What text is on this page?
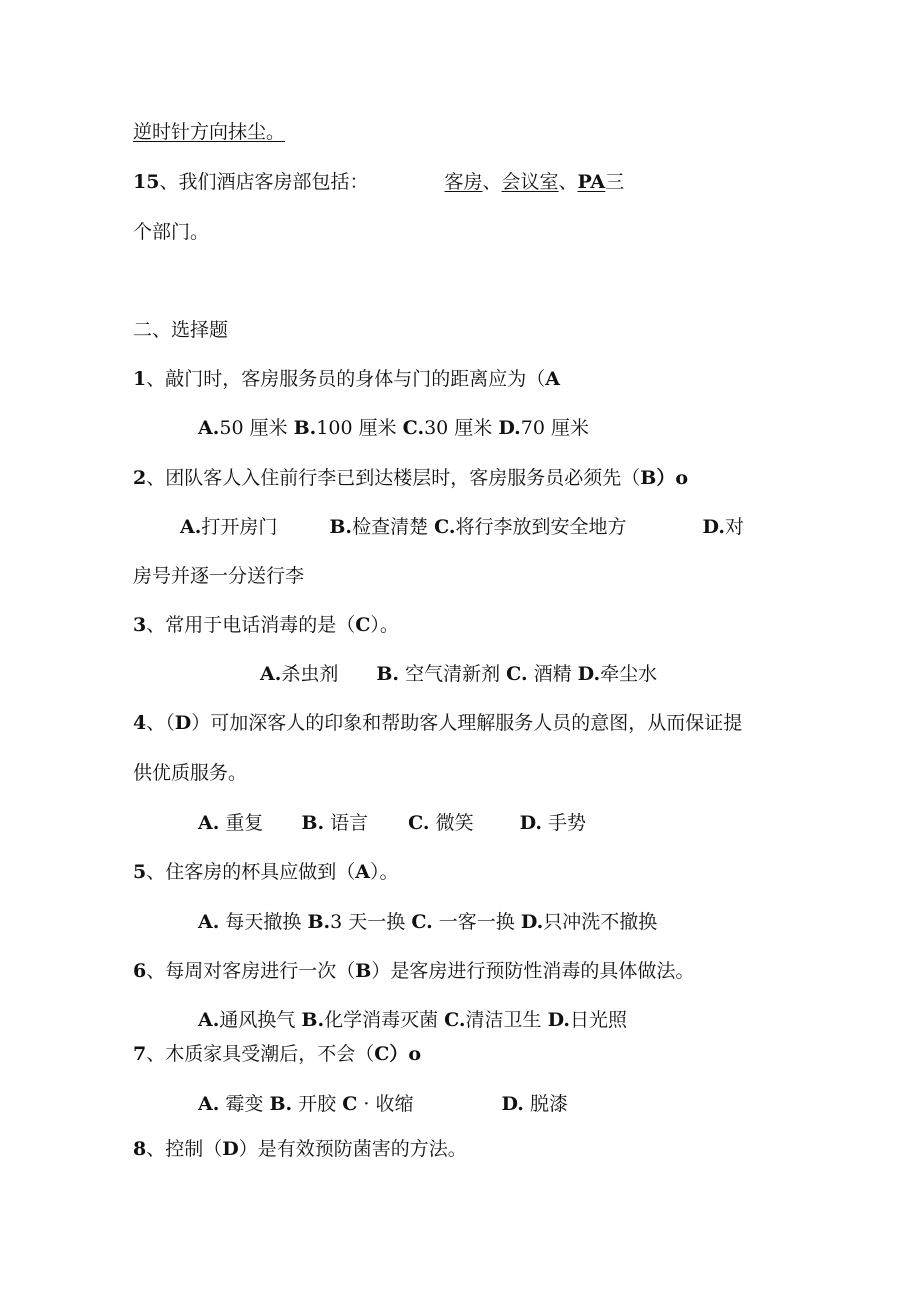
逆时针方向抹尘。
15、我们酒店客房部包括：	客房、会议室、PA三
个部门。
二、选择题
1、敲门时，客房服务员的身体与门的距离应为（A
A.50 厘米 B.100 厘米 C.30 厘米 D.70 厘米
2、团队客人入住前行李已到达楼层时，客房服务员必须先（B）o
A.打开房门	B.检查清楚 C.将行李放到安全地方	D.对
房号并逐一分送行李
3、常用于电话消毒的是（C）。
A.杀虫剂 B. 空气清新剂 C. 酒精 D.牵尘水
4、（D）可加深客人的印象和帮助客人理解服务人员的意图，从而保证提
供优质服务。
A. 重复 B. 语言 C. 微笑 D. 手势
5、住客房的杯具应做到（A）。
A. 每天撤换 B.3 天一换 C. 一客一换 D.只冲洗不撤换
6、每周对客房进行一次（B）是客房进行预防性消毒的具体做法。
A.通风换气 B.化学消毒灭菌 C.清洁卫生 D.日光照
7、木质家具受潮后，不会（C）o
A. 霉变 B. 开胶 C · 收缩	D. 脱漆
8、控制（D）是有效预防菌害的方法。
